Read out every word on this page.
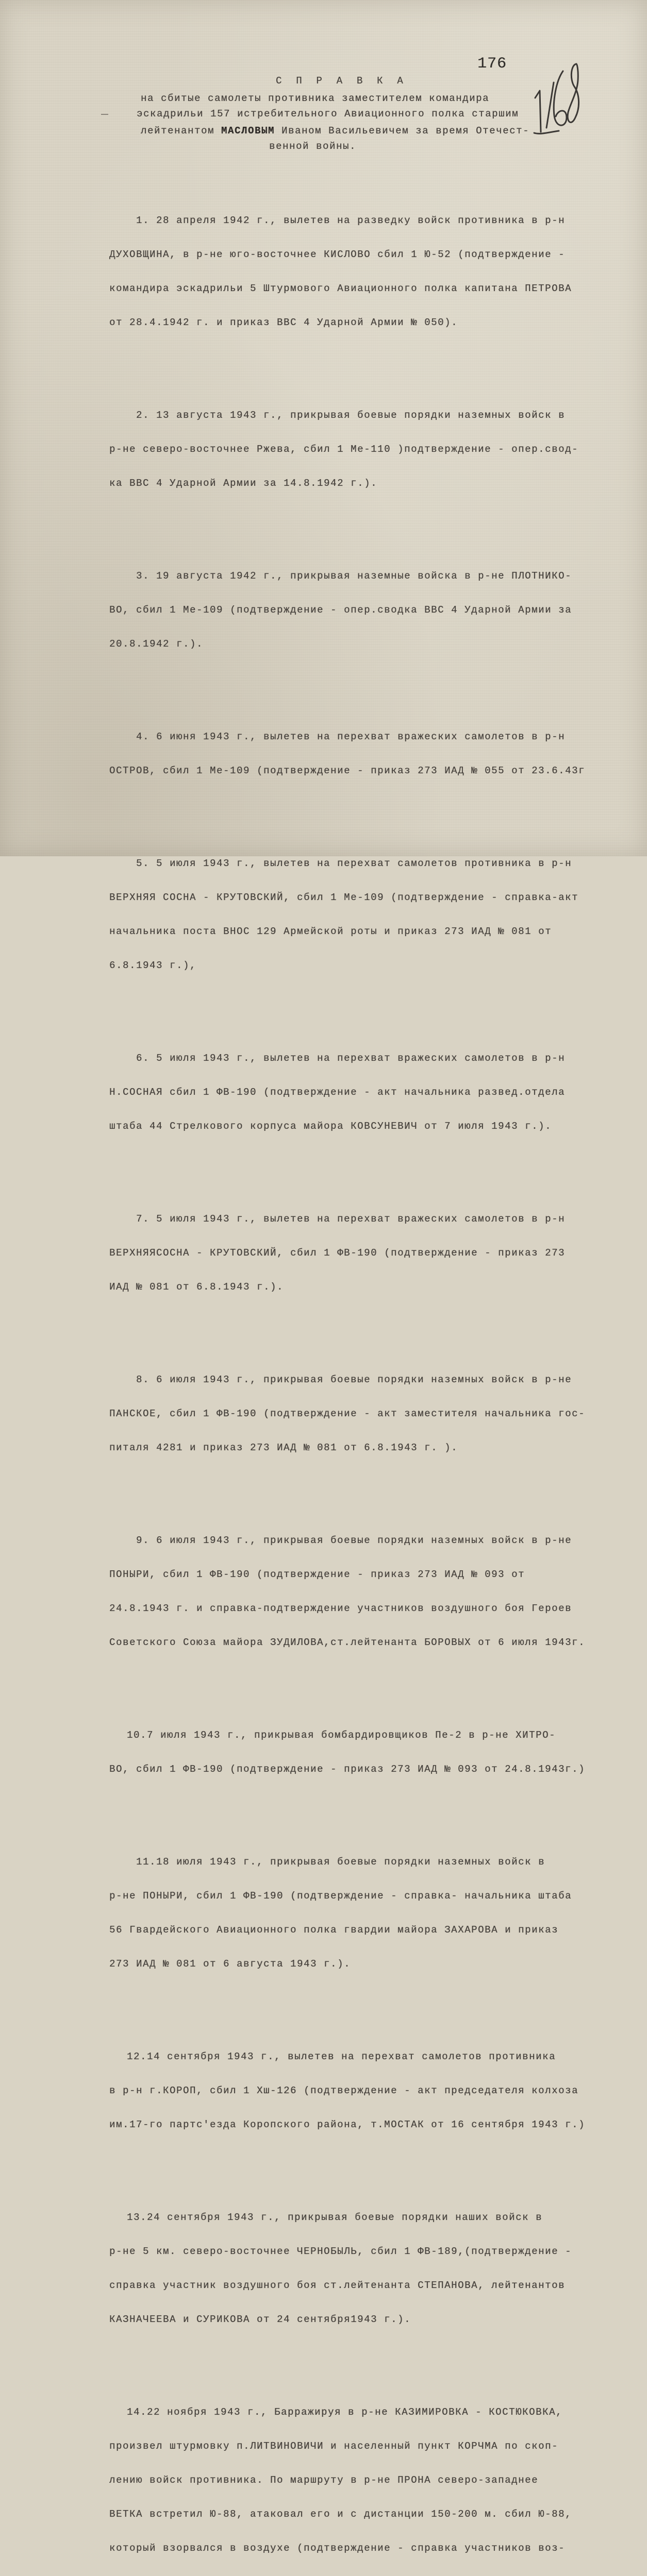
176
С П Р А В К А
на сбитые самолеты противника заместителем командира
эскадрильи 157 истребительного Авиационного полка старшим
лейтенантом МАСЛОВЫМ Иваном Васильевичем за время Отечест-
венной войны.

1. 28 апреля 1942 г., вылетев на разведку войск противника в р-н

ДУХОВЩИНА, в р-не юго-восточнее КИСЛОВО сбил 1 Ю-52 (подтверждение -

командира эскадрильи 5 Штурмового Авиационного полка капитана ПЕТРОВА

от 28.4.1942 г. и приказ ВВС 4 Ударной Армии № 050).

2. 13 августа 1943 г., прикрывая боевые порядки наземных войск в

р-не северо-восточнее Ржева, сбил 1 Ме-110 )подтверждение - опер.свод-

ка ВВС 4 Ударной Армии за 14.8.1942 г.).

3. 19 августа 1942 г., прикрывая наземные войска в р-не ПЛОТНИКО-

ВО, сбил 1 Ме-109 (подтверждение - опер.сводка ВВС 4 Ударной Армии за

20.8.1942 г.).

4. 6 июня 1943 г., вылетев на перехват вражеских самолетов в р-н

ОСТРОВ, сбил 1 Ме-109 (подтверждение - приказ 273 ИАД № 055 от 23.6.43г

5. 5 июля 1943 г., вылетев на перехват самолетов противника в р-н

ВЕРХНЯЯ СОСНА - КРУТОВСКИЙ, сбил 1 Ме-109 (подтверждение - справка-акт

начальника поста ВНОС 129 Армейской роты и приказ 273 ИАД № 081 от

6.8.1943 г.),

6. 5 июля 1943 г., вылетев на перехват вражеских самолетов в р-н

Н.СОСНАЯ сбил 1 ФВ-190 (подтверждение - акт начальника развед.отдела

штаба 44 Стрелкового корпуса майора КОВСУНЕВИЧ от 7 июля 1943 г.).

7. 5 июля 1943 г., вылетев на перехват вражеских самолетов в р-н

ВЕРХНЯЯСОСНА - КРУТОВСКИЙ, сбил 1 ФВ-190 (подтверждение - приказ 273

ИАД № 081 от 6.8.1943 г.).

8. 6 июля 1943 г., прикрывая боевые порядки наземных войск в р-не

ПАНСКОЕ, сбил 1 ФВ-190 (подтверждение - акт заместителя начальника гос-

питаля 4281 и приказ 273 ИАД № 081 от 6.8.1943 г. ).

9. 6 июля 1943 г., прикрывая боевые порядки наземных войск в р-не

ПОНЫРИ, сбил 1 ФВ-190 (подтверждение - приказ 273 ИАД № 093 от

24.8.1943 г. и справка-подтверждение участников воздушного боя Героев

Советского Союза майора ЗУДИЛОВА,ст.лейтенанта БОРОВЫХ от 6 июля 1943г.

10.7 июля 1943 г., прикрывая бомбардировщиков Пе-2 в р-не ХИТРО-

ВО, сбил 1 ФВ-190 (подтверждение - приказ 273 ИАД № 093 от 24.8.1943г.)

11.18 июля 1943 г., прикрывая боевые порядки наземных войск в

р-не ПОНЫРИ, сбил 1 ФВ-190 (подтверждение - справка- начальника штаба

56 Гвардейского Авиационного полка гвардии майора ЗАХАРОВА и приказ

273 ИАД № 081 от 6 августа 1943 г.).

12.14 сентября 1943 г., вылетев на перехват самолетов противника

в р-н г.КОРОП, сбил 1 Хш-126 (подтверждение - акт председателя колхоза

им.17-го партс'езда Коропского района, т.МОСТАК от 16 сентября 1943 г.)

13.24 сентября 1943 г., прикрывая боевые порядки наших войск в

р-не 5 км. северо-восточнее ЧЕРНОБЫЛЬ, сбил 1 ФВ-189,(подтверждение -

справка участник воздушного боя ст.лейтенанта СТЕПАНОВА, лейтенантов

КАЗНАЧЕЕВА и СУРИКОВА от 24 сентября1943 г.).

14.22 ноября 1943 г., Барражируя в р-не КАЗИМИРОВКА - КОСТЮКОВКА,

произвел штурмовку п.ЛИТВИНОВИЧИ и населенный пункт КОРЧМА по скоп-

лению войск противника. По маршруту в р-не ПРОНА северо-западнее

ВЕТКА встретил Ю-88, атаковал его и с дистанции 150-200 м. сбил Ю-88,

который взорвался в воздухе (подтверждение - справка участников воз-
